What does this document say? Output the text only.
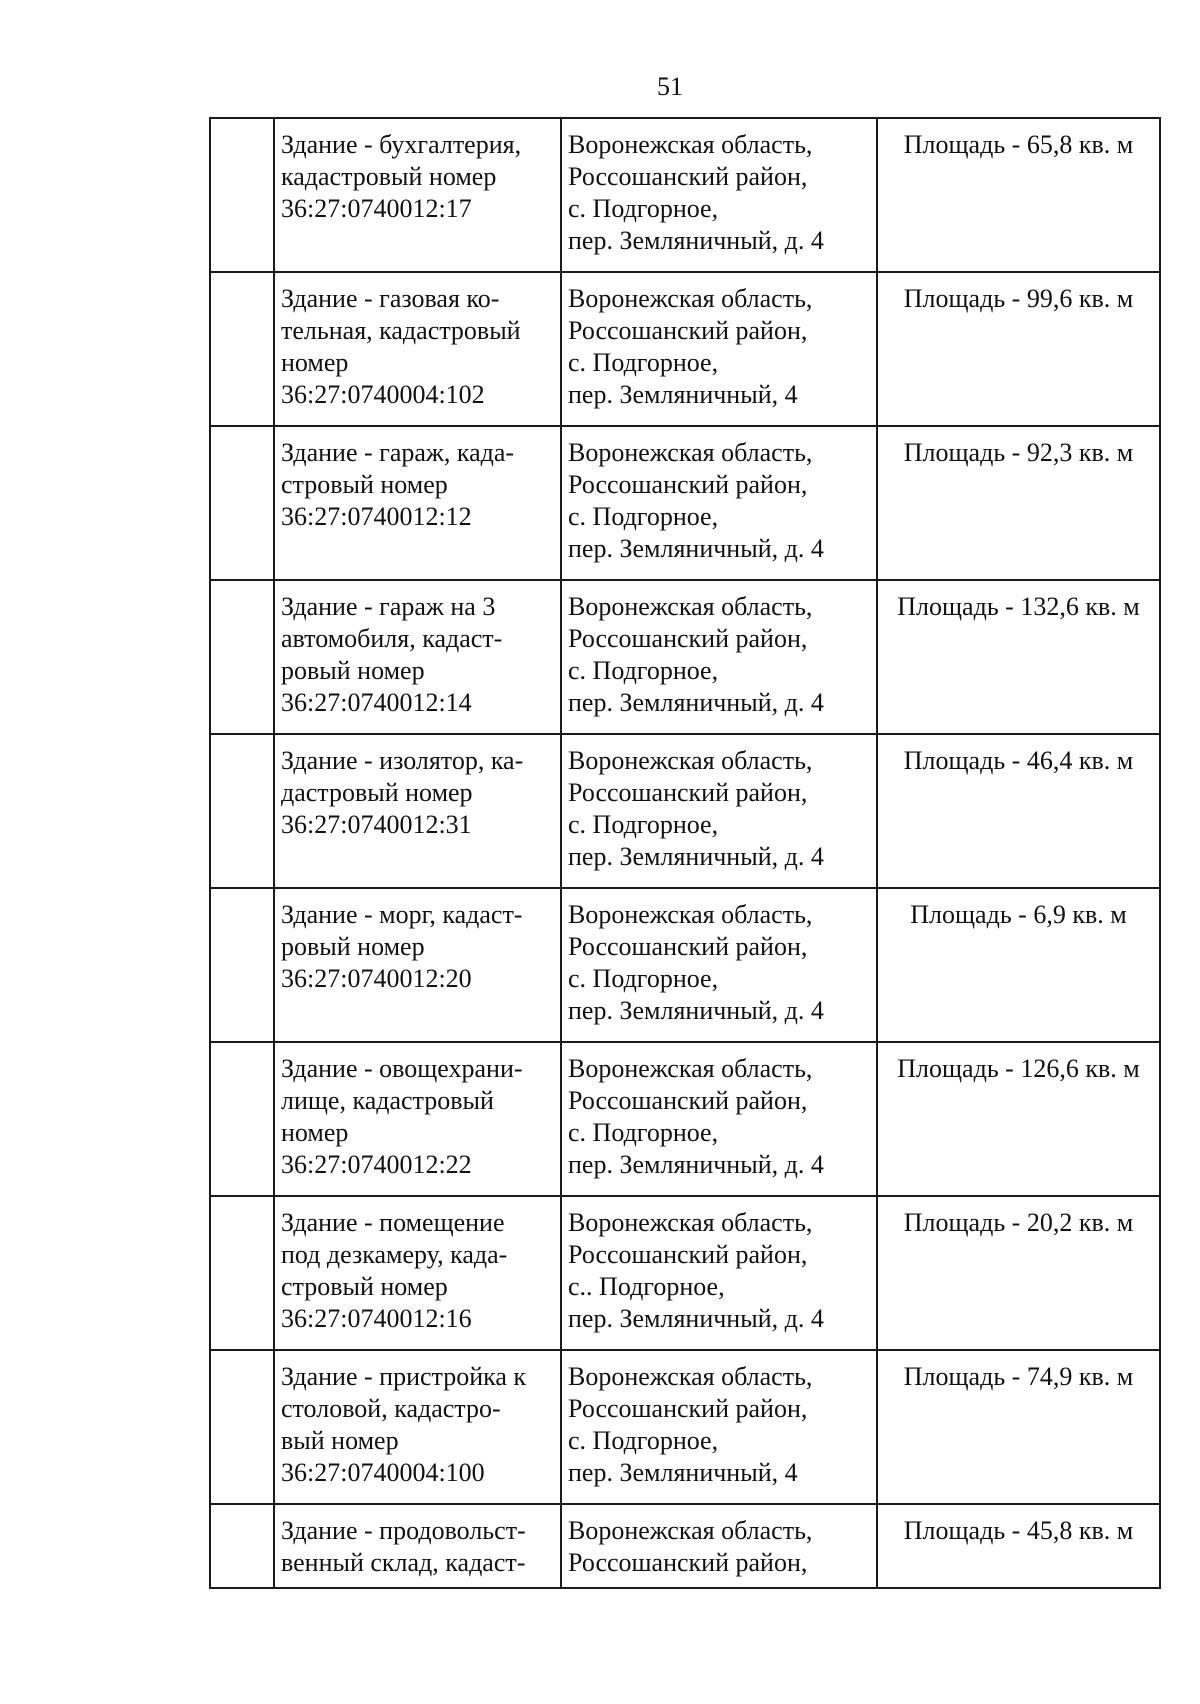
51

	Здание - бухгалтерия,
кадастровый номер
36:27:0740012:17	Воронежская область,
Россошанский район,
с. Подгорное,
пер. Земляничный, д. 4	Площадь - 65,8 кв. м

	Здание - газовая ко-
тельная, кадастровый
номер
36:27:0740004:102	Воронежская область,
Россошанский район,
с. Подгорное,
пер. Земляничный, 4	Площадь - 99,6 кв. м

	Здание - гараж, када-
стровый номер
36:27:0740012:12	Воронежская область,
Россошанский район,
с. Подгорное,
пер. Земляничный, д. 4	Площадь - 92,3 кв. м

	Здание - гараж на 3
автомобиля, кадаст-
ровый номер
36:27:0740012:14	Воронежская область,
Россошанский район,
с. Подгорное,
пер. Земляничный, д. 4	Площадь - 132,6 кв. м

	Здание - изолятор, ка-
дастровый номер
36:27:0740012:31	Воронежская область,
Россошанский район,
с. Подгорное,
пер. Земляничный, д. 4	Площадь - 46,4 кв. м

	Здание - морг, кадаст-
ровый номер
36:27:0740012:20	Воронежская область,
Россошанский район,
с. Подгорное,
пер. Земляничный, д. 4	Площадь - 6,9 кв. м

	Здание - овощехрани-
лище, кадастровый
номер
36:27:0740012:22	Воронежская область,
Россошанский район,
с. Подгорное,
пер. Земляничный, д. 4	Площадь - 126,6 кв. м

	Здание - помещение
под дезкамеру, када-
стровый номер
36:27:0740012:16	Воронежская область,
Россошанский район,
с.. Подгорное,
пер. Земляничный, д. 4	Площадь - 20,2 кв. м

	Здание - пристройка к
столовой, кадастро-
вый номер
36:27:0740004:100	Воронежская область,
Россошанский район,
с. Подгорное,
пер. Земляничный, 4	Площадь - 74,9 кв. м

	Здание - продовольст-
венный склад, кадаст-	Воронежская область,
Россошанский район,	Площадь - 45,8 кв. м
